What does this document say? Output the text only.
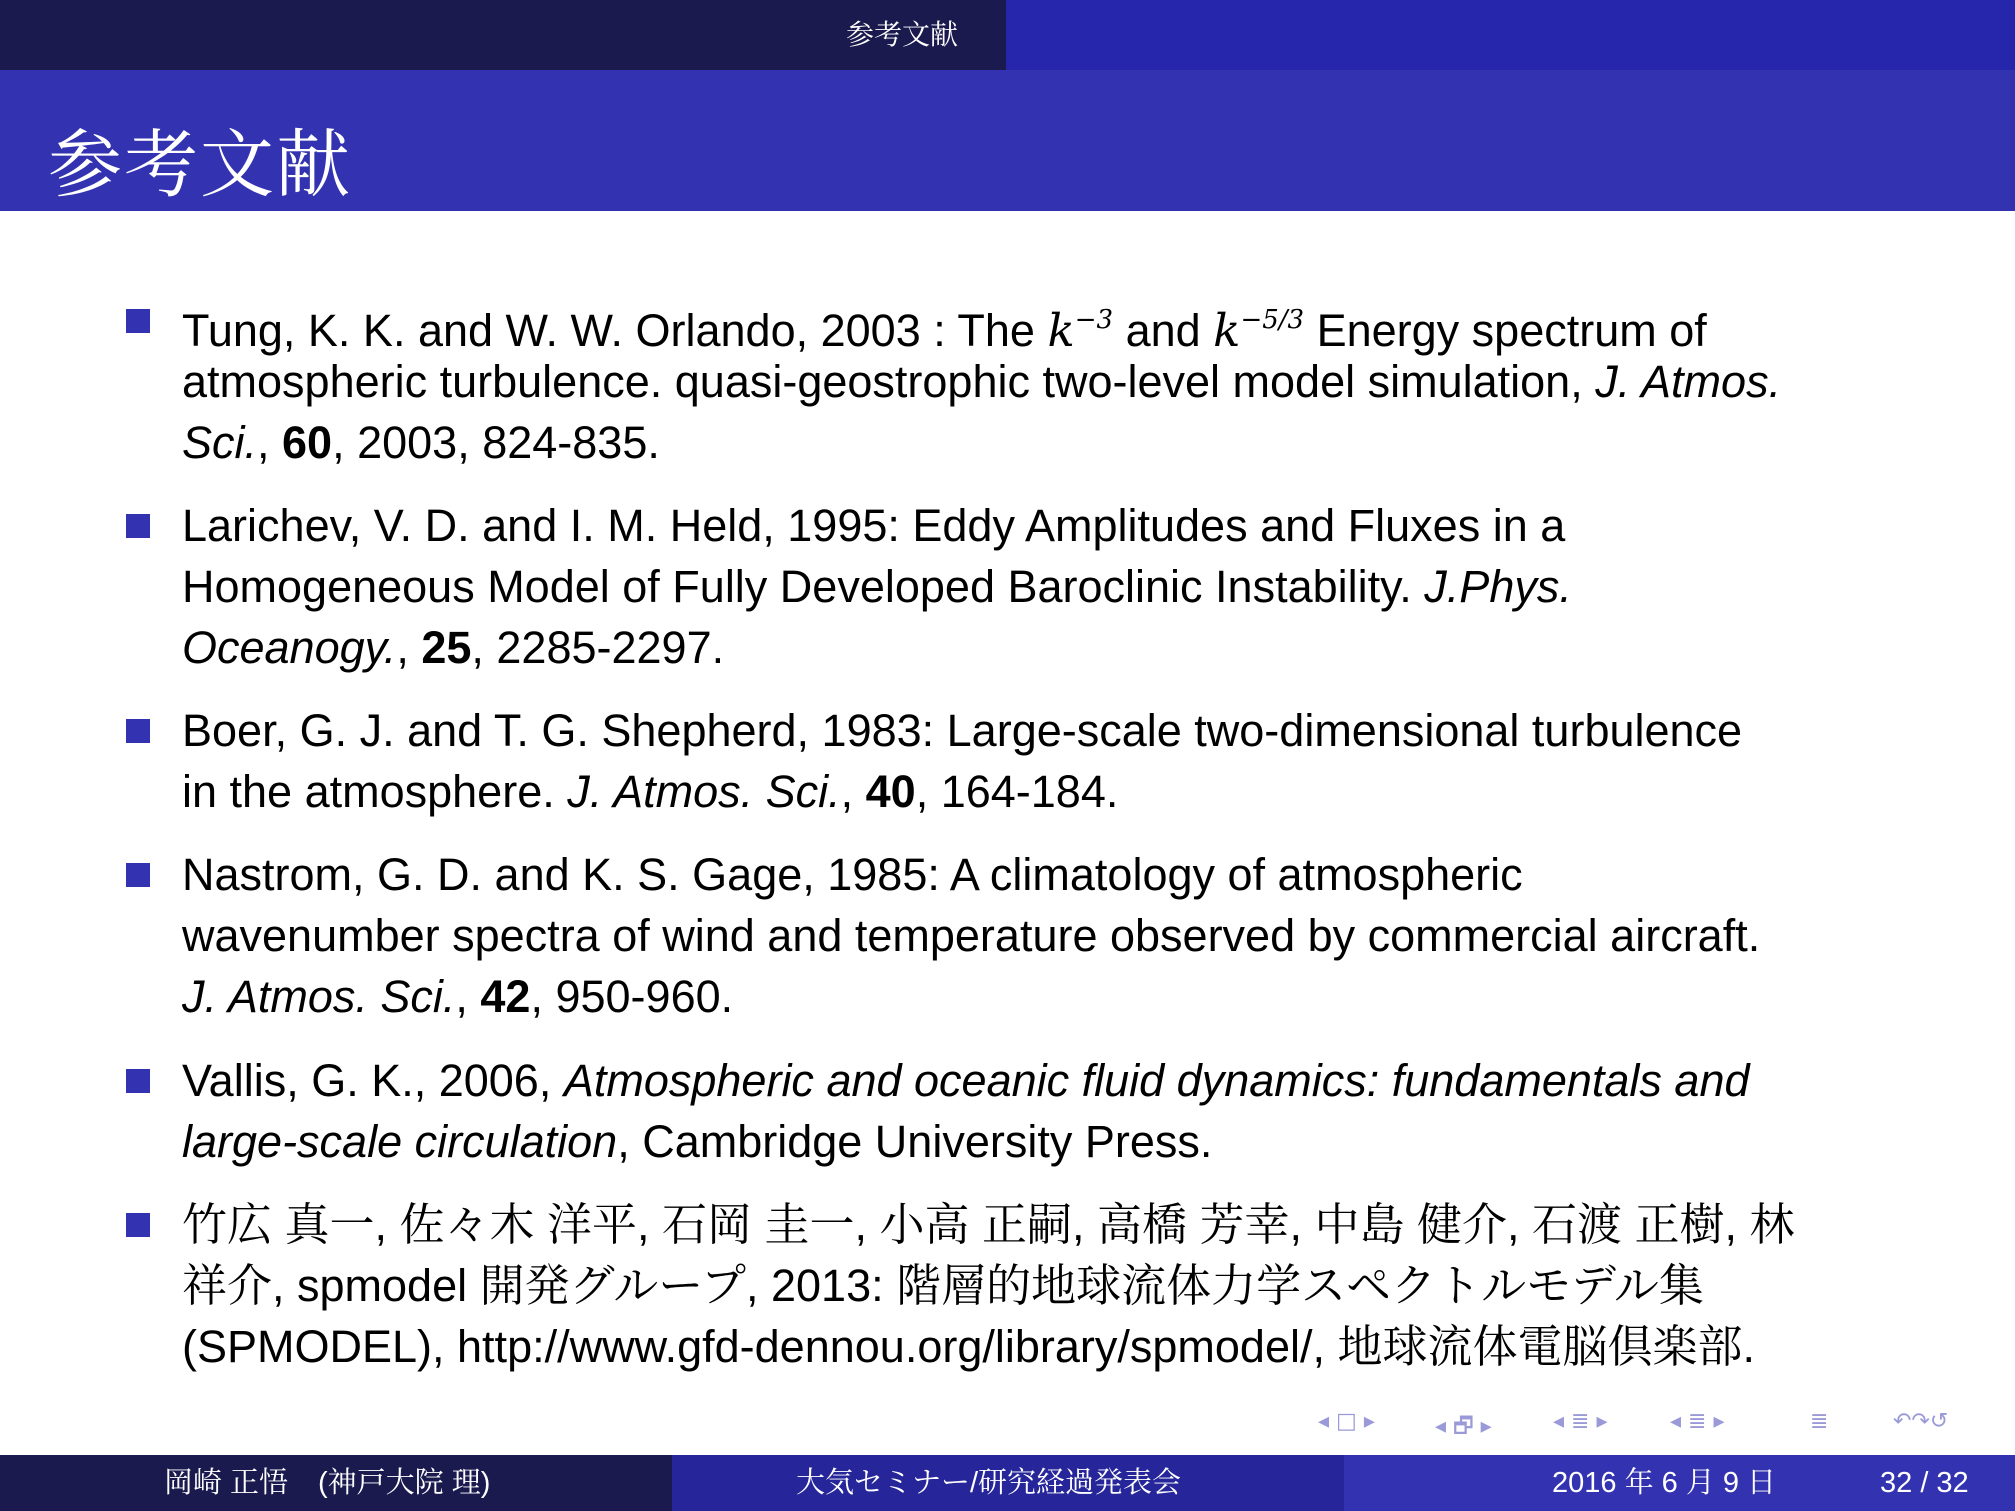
参考文献
参考文献
Tung, K. K. and W. W. Orlando, 2003 : The $k^{-3}$ and $k^{-5/3}$ Energy spectrum of
atmospheric turbulence. quasi-geostrophic two-level model simulation, J. Atmos.
Sci., 60, 2003, 824-835.
Larichev, V. D. and I. M. Held, 1995: Eddy Amplitudes and Fluxes in a
Homogeneous Model of Fully Developed Baroclinic Instability. J.Phys.
Oceanogy., 25, 2285-2297.
Boer, G. J. and T. G. Shepherd, 1983: Large-scale two-dimensional turbulence
in the atmosphere. J. Atmos. Sci., 40, 164-184.
Nastrom, G. D. and K. S. Gage, 1985: A climatology of atmospheric
wavenumber spectra of wind and temperature observed by commercial aircraft.
J. Atmos. Sci., 42, 950-960.
Vallis, G. K., 2006, Atmospheric and oceanic fluid dynamics: fundamentals and
large-scale circulation, Cambridge University Press.
竹広 真一, 佐々木 洋平, 石岡 圭一, 小高 正嗣, 高橋 芳幸, 中島 健介, 石渡 正樹, 林
祥介, spmodel 開発グループ, 2013: 階層的地球流体力学スペクトルモデル集
(SPMODEL), http://www.gfd-dennou.org/library/spmodel/, 地球流体電脳倶楽部.
◂ □ ▸	◂ 🗗 ▸	◂ ≣ ▸	◂ ≣ ▸	≣	↶↷↺
岡崎 正悟 (神戸大院 理)	大気セミナー/研究経過発表会	2016 年 6 月 9 日	32 / 32
